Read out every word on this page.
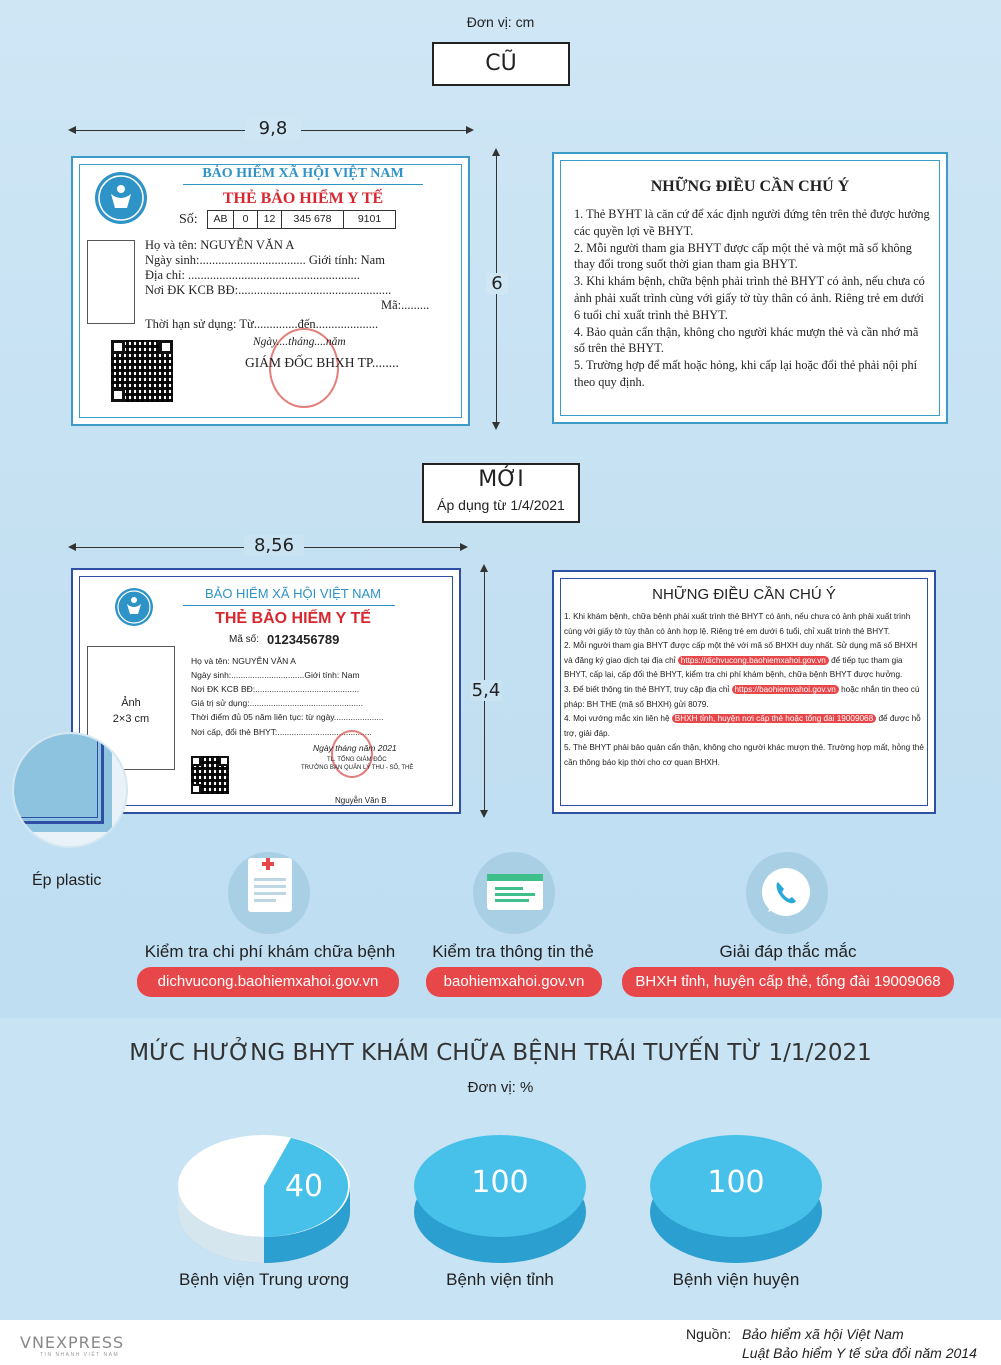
Đơn vị: cm
CŨ
9,8
6
BẢO HIỂM XÃ HỘI VIỆT NAM
THẺ BẢO HIỂM Y TẾ
Số:	AB	0	12	345 678	9101
Họ và tên: NGUYỄN VĂN A
Ngày sinh:.................................. Giới tính: Nam
Địa chỉ: .......................................................
Nơi ĐK KCB BĐ:.................................................
Mã:.........
Thời hạn sử dụng: Từ..............đến....................
Ngày....tháng....năm
GIÁM ĐỐC BHXH TP........
NHỮNG ĐIỀU CẦN CHÚ Ý

1. Thẻ BYHT là căn cứ để xác định người đứng tên trên thẻ được hưởng các quyền lợi về BHYT.

2. Mỗi người tham gia BHYT được cấp một thẻ và một mã số không thay đổi trong suốt thời gian tham gia BHYT.

3. Khi khám bệnh, chữa bệnh phải trình thẻ BHYT có ảnh, nếu chưa có ảnh phải xuất trình cùng với giấy tờ tùy thân có ảnh. Riêng trẻ em dưới 6 tuổi chỉ xuất trình thẻ BHYT.

4. Bảo quản cẩn thận, không cho người khác mượn thẻ và cần nhớ mã số trên thẻ BHYT.

5. Trường hợp để mất hoặc hỏng, khi cấp lại hoặc đổi thẻ phải nội phí theo quy định.

MỚI
Áp dụng từ 1/4/2021
8,56
5,4
BẢO HIỂM XÃ HỘI VIỆT NAM
THẺ BẢO HIỂM Y TẾ
Mã số: 0123456789
Ảnh
2×3 cm
Họ và tên: NGUYỄN VĂN A
Ngày sinh:...............................Giới tính: Nam
Nơi ĐK KCB BĐ:............................................
Giá trị sử dụng:................................................
Thời điểm đủ 05 năm liên tục: từ ngày.....................
Nơi cấp, đổi thẻ BHYT:........................................
Ngày tháng năm 2021
TL. TỔNG GIÁM ĐỐC
TRƯỞNG BAN QUẢN LÝ THU - SỐ, THẺ
Nguyễn Văn B
Ép plastic
NHỮNG ĐIỀU CẦN CHÚ Ý

1. Khi khám bệnh, chữa bệnh phải xuất trình thẻ BHYT có ảnh, nếu chưa có ảnh phải xuất trình cùng với giấy tờ tùy thân có ảnh hợp lệ. Riêng trẻ em dưới 6 tuổi, chỉ xuất trình thẻ BHYT.

2. Mỗi người tham gia BHYT được cấp một thẻ với mã số BHXH duy nhất. Sử dụng mã số BHXH và đăng ký giao dịch tại địa chỉ https://dichvucong.baohiemxahoi.gov.vn để tiếp tục tham gia BHYT, cấp lại, cấp đổi thẻ BHYT, kiểm tra chi phí khám bệnh, chữa bệnh BHYT được hưởng.

3. Để biết thông tin thẻ BHYT, truy cập địa chỉ https://baohiemxahoi.gov.vn hoặc nhắn tin theo cú pháp: BH THE (mã số BHXH) gửi 8079.

4. Mọi vướng mắc xin liên hệ BHXH tỉnh, huyện nơi cấp thẻ hoặc tổng đài 19009068 để được hỗ trợ, giải đáp.

5. Thẻ BHYT phải bảo quản cẩn thận, không cho người khác mượn thẻ. Trường hợp mất, hỏng thẻ cần thông báo kịp thời cho cơ quan BHXH.

Kiểm tra chi phí khám chữa bệnh	Kiểm tra thông tin thẻ	Giải đáp thắc mắc
dichvucong.baohiemxahoi.gov.vn	baohiemxahoi.gov.vn	BHXH tỉnh, huyện cấp thẻ, tổng đài 19009068
MỨC HƯỞNG BHYT KHÁM CHỮA BỆNH TRÁI TUYẾN TỪ 1/1/2021
Đơn vị: %
40
Bệnh viện Trung ương
100
Bệnh viện tỉnh
100
Bệnh viện huyện
VNEXPRESS
TIN NHANH VIỆT NAM
Nguồn: Bảo hiểm xã hội Việt Nam
Luật Bảo hiểm Y tế sửa đổi năm 2014
